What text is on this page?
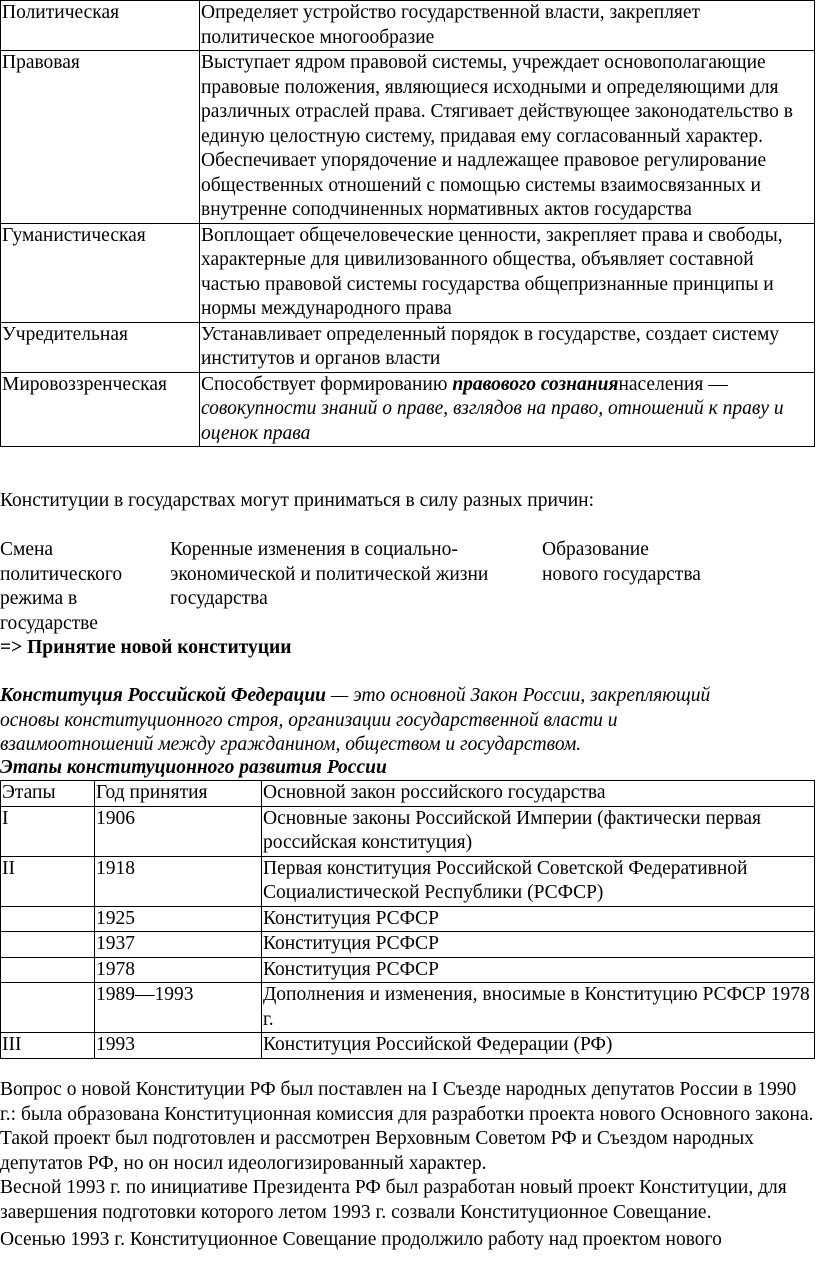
Политическая	Определяет устройство государственной власти, закрепляет политическое многообразие
Правовая	Выступает ядром правовой системы, учреждает основополагающие правовые положения, являющиеся исходными и определяющими для различных отраслей права. Стягивает действующее законодательство в единую целостную систему, придавая ему согласованный характер. Обеспечивает упорядочение и надлежащее правовое регулирование общественных отношений с помощью системы взаимосвязанных и внутренне соподчиненных нормативных актов государства
Гуманистическая	Воплощает общечеловеческие ценности, закрепляет права и свободы, характерные для цивилизованного общества, объявляет составной частью правовой системы государства общепризнанные принципы и нормы международного права
Учредительная	Устанавливает определенный порядок в государстве, создает систему институтов и органов власти
Мировоззренческая	Способствует формированию правового сознаниянаселения — совокупности знаний о праве, взглядов на право, отношений к праву и оценок права

Конституции в государствах могут приниматься в силу разных причин:

Смена
политического
режима в
государстве
Коренные изменения в социально-
экономической и политической жизни
государства
Образование
нового государства

=> Принятие новой конституции

Конституция Российской Федерации — это основной Закон России, закрепляющий
основы конституционного строя, организации государственной власти и
взаимоотношений между гражданином, обществом и государством.

Этапы конституционного развития России

Этапы	Год принятия	Основной закон российского государства
I	1906	Основные законы Российской Империи (фактически первая российская конституция)
II	1918	Первая конституция Российской Советской Федеративной Социалистической Республики (РСФСР)
	1925	Конституция РСФСР
	1937	Конституция РСФСР
	1978	Конституция РСФСР
	1989—1993	Дополнения и изменения, вносимые в Конституцию РСФСР 1978 г.
III	1993	Конституция Российской Федерации (РФ)

Вопрос о новой Конституции РФ был поставлен на I Съезде народных депутатов России в 1990 г.: была образована Конституционная комиссия для разработки проекта нового Основного закона. Такой проект был подготовлен и рассмотрен Верховным Советом РФ и Съездом народных депутатов РФ, но он носил идеологизированный характер.

Весной 1993 г. по инициативе Президента РФ был разработан новый проект Конституции, для завершения подготовки которого летом 1993 г. созвали Конституционное Совещание.

Осенью 1993 г. Конституционное Совещание продолжило работу над проектом нового
